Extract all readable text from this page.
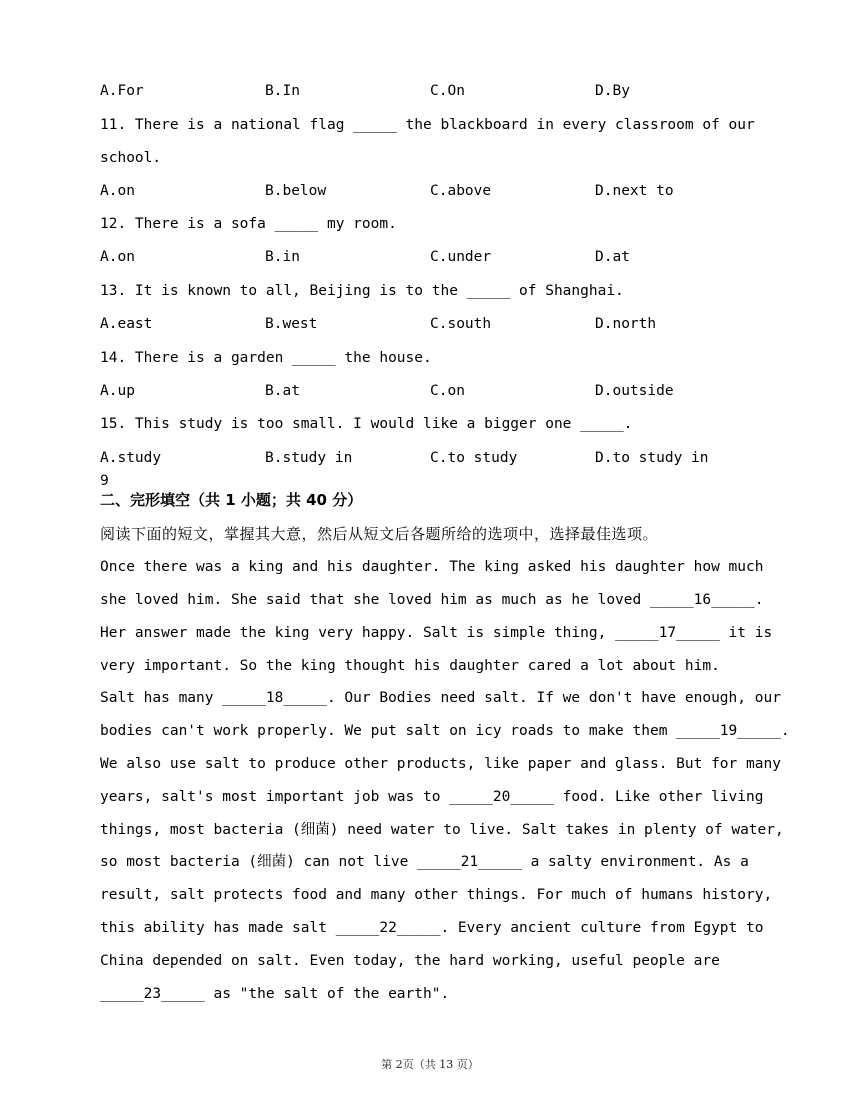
A.For	B.In	C.On	D.By
11. There is a national flag _____ the blackboard in every classroom of our
school.
A.on	B.below	C.above	D.next to
12. There is a sofa _____ my room.
A.on	B.in	C.under	D.at
13. It is known to all, Beijing is to the _____ of Shanghai.
A.east	B.west	C.south	D.north
14. There is a garden _____ the house.
A.up	B.at	C.on	D.outside
15. This study is too small. I would like a bigger one _____.
A.study	B.study in	C.to study	D.to study in
9
二、完形填空（共 1 小题；共 40 分）
阅读下面的短文，掌握其大意，然后从短文后各题所给的选项中，选择最佳选项。
Once there was a king and his daughter. The king asked his daughter how much
she loved him. She said that she loved him as much as he loved _____16_____.
Her answer made the king very happy. Salt is simple thing, _____17_____ it is
very important. So the king thought his daughter cared a lot about him.
Salt has many _____18_____. Our Bodies need salt. If we don't have enough, our
bodies can't work properly. We put salt on icy roads to make them _____19_____.
We also use salt to produce other products, like paper and glass. But for many
years, salt's most important job was to _____20_____ food. Like other living
things, most bacteria (细菌) need water to live. Salt takes in plenty of water,
so most bacteria (细菌) can not live _____21_____ a salty environment. As a
result, salt protects food and many other things. For much of humans history,
this ability has made salt _____22_____. Every ancient culture from Egypt to
China depended on salt. Even today, the hard working, useful people are
_____23_____ as "the salt of the earth".
第 2页（共 13 页）
